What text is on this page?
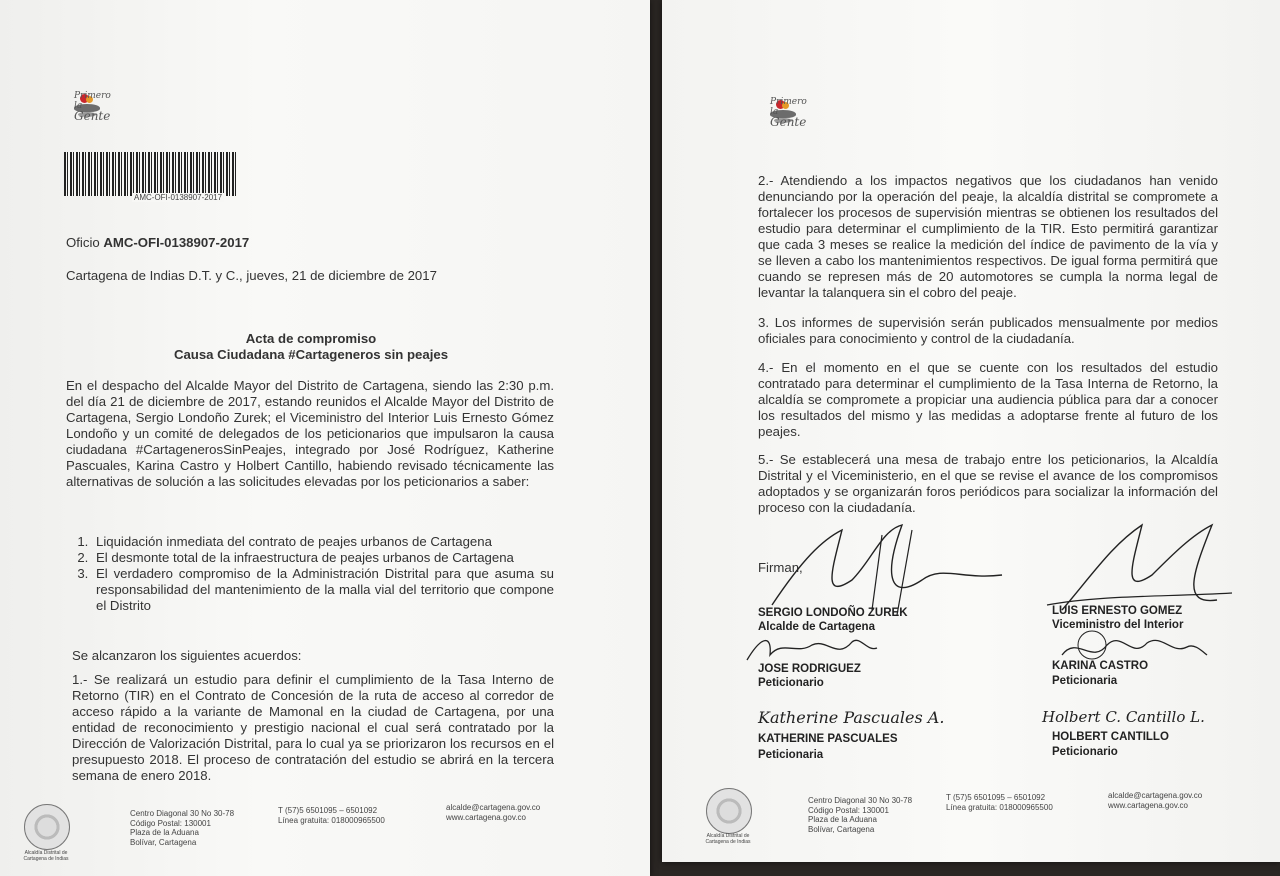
Primero la
Gente
AMC-OFI-0138907-2017
Oficio AMC-OFI-0138907-2017
Cartagena de Indias D.T. y C., jueves, 21 de diciembre de 2017
Acta de compromiso
Causa Ciudadana #Cartageneros sin peajes
En el despacho del Alcalde Mayor del Distrito de Cartagena, siendo las 2:30 p.m. del día 21 de diciembre de 2017, estando reunidos el Alcalde Mayor del Distrito de Cartagena, Sergio Londoño Zurek; el Viceministro del Interior Luis Ernesto Gómez Londoño y un comité de delegados de los peticionarios que impulsaron la causa ciudadana #CartagenerosSinPeajes, integrado por José Rodríguez, Katherine Pascuales, Karina Castro y Holbert Cantillo, habiendo revisado técnicamente las alternativas de solución a las solicitudes elevadas por los peticionarios a saber:
1. Liquidación inmediata del contrato de peajes urbanos de Cartagena
2. El desmonte total de la infraestructura de peajes urbanos de Cartagena
3. El verdadero compromiso de la Administración Distrital para que asuma su responsabilidad del mantenimiento de la malla vial del territorio que compone el Distrito
Se alcanzaron los siguientes acuerdos:
1.- Se realizará un estudio para definir el cumplimiento de la Tasa Interno de Retorno (TIR) en el Contrato de Concesión de la ruta de acceso al corredor de acceso rápido a la variante de Mamonal en la ciudad de Cartagena, por una entidad de reconocimiento y prestigio nacional el cual será contratado por la Dirección de Valorización Distrital, para lo cual ya se priorizaron los recursos en el presupuesto 2018. El proceso de contratación del estudio se abrirá en la tercera semana de enero 2018.
Alcaldía Distrital de Cartagena de Indias
Centro Diagonal 30 No 30-78
Código Postal: 130001
Plaza de la Aduana
Bolívar, Cartagena
T (57)5 6501095 – 6501092
Línea gratuita: 018000965500
alcalde@cartagena.gov.co
www.cartagena.gov.co
Primero la
Gente
2.- Atendiendo a los impactos negativos que los ciudadanos han venido denunciando por la operación del peaje, la alcaldía distrital se compromete a fortalecer los procesos de supervisión mientras se obtienen los resultados del estudio para determinar el cumplimiento de la TIR. Esto permitirá garantizar que cada 3 meses se realice la medición del índice de pavimento de la vía y se lleven a cabo los mantenimientos respectivos. De igual forma permitirá que cuando se represen más de 20 automotores se cumpla la norma legal de levantar la talanquera sin el cobro del peaje.
3. Los informes de supervisión serán publicados mensualmente por medios oficiales para conocimiento y control de la ciudadanía.
4.- En el momento en el que se cuente con los resultados del estudio contratado para determinar el cumplimiento de la Tasa Interna de Retorno, la alcaldía se compromete a propiciar una audiencia pública para dar a conocer los resultados del mismo y las medidas a adoptarse frente al futuro de los peajes.
5.- Se establecerá una mesa de trabajo entre los peticionarios, la Alcaldía Distrital y el Viceministerio, en el que se revise el avance de los compromisos adoptados y se organizarán foros periódicos para socializar la información del proceso con la ciudadanía.
Firman,
SERGIO LONDOÑO ZUREK
Alcalde de Cartagena
LUIS ERNESTO GOMEZ
Viceministro del Interior
JOSE RODRIGUEZ
Peticionario
KARINA CASTRO
Peticionaria
Katherine Pascuales A.	Holbert C. Cantillo L.
KATHERINE PASCUALES
Peticionaria
HOLBERT CANTILLO
Peticionario
Alcaldía Distrital de Cartagena de Indias
Centro Diagonal 30 No 30-78
Código Postal: 130001
Plaza de la Aduana
Bolívar, Cartagena
T (57)5 6501095 – 6501092
Línea gratuita: 018000965500
alcalde@cartagena.gov.co
www.cartagena.gov.co
